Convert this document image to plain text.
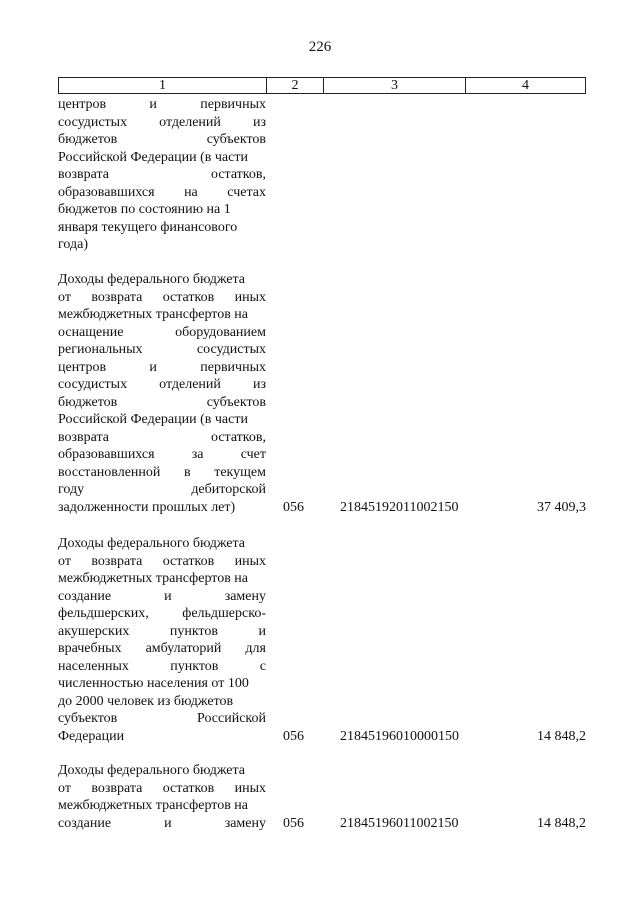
226
1	2	3	4
центров	и	первичных
сосудистых отделений из
бюджетов	субъектов
Российской Федерации (в части
возврата	остатков,
образовавшихся на счетах
бюджетов по состоянию на 1
января текущего финансового
года)
Доходы федерального бюджета
от возврата остатков иных
межбюджетных трансфертов на
оснащение	оборудованием
региональных	сосудистых
центров	и	первичных
сосудистых отделений из
бюджетов	субъектов
Российской Федерации (в части
возврата	остатков,
образовавшихся	за	счет
восстановленной в текущем
году	дебиторской
задолженности прошлых лет)	056	21845192011002150	37 409,3
Доходы федерального бюджета
от возврата остатков иных
межбюджетных трансфертов на
создание	и	замену
фельдшерских, фельдшерско-
акушерских	пунктов	и
врачебных амбулаторий для
населенных	пунктов	с
численностью населения от 100
до 2000 человек из бюджетов
субъектов	Российской
Федерации	056	21845196010000150	14 848,2
Доходы федерального бюджета
от возврата остатков иных
межбюджетных трансфертов на
создание	и	замену 056	21845196011002150	14 848,2
